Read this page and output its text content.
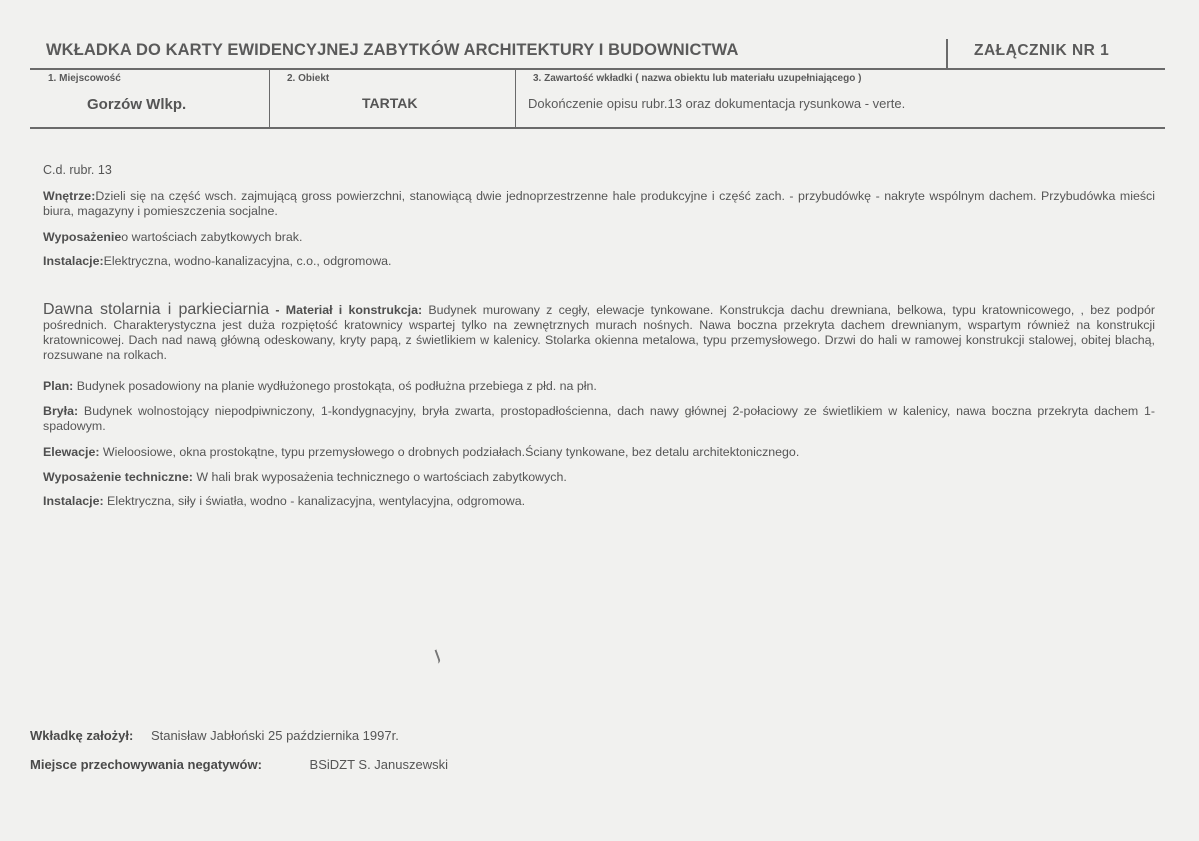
WKŁADKA DO KARTY EWIDENCYJNEJ ZABYTKÓW ARCHITEKTURY I BUDOWNICTWA	ZAŁĄCZNIK NR 1
1. Miejscowość
Gorzów Wlkp.
2. Obiekt
TARTAK
3. Zawartość wkładki ( nazwa obiektu lub materiału uzupełniającego )
Dokończenie opisu rubr.13 oraz dokumentacja rysunkowa - verte.
C.d. rubr. 13
Wnętrze:Dzieli się na część wsch. zajmującą gross powierzchni, stanowiącą dwie jednoprzestrzenne hale produkcyjne i część zach. - przybudówkę - nakryte wspólnym dachem. Przybudówka mieści biura, magazyny i pomieszczenia socjalne.
Wyposażenieo wartościach zabytkowych brak.
Instalacje:Elektryczna, wodno-kanalizacyjna, c.o., odgromowa.
Dawna stolarnia i parkieciarnia - Materiał i konstrukcja: Budynek murowany z cegły, elewacje tynkowane. Konstrukcja dachu drewniana, belkowa, typu kratownicowego, , bez podpór pośrednich. Charakterystyczna jest duża rozpiętość kratownicy wspartej tylko na zewnętrznych murach nośnych. Nawa boczna przekryta dachem drewnianym, wspartym również na konstrukcji kratownicowej. Dach nad nawą główną odeskowany, kryty papą, z świetlikiem w kalenicy. Stolarka okienna metalowa, typu przemysłowego. Drzwi do hali w ramowej konstrukcji stalowej, obitej blachą, rozsuwane na rolkach.
Plan: Budynek posadowiony na planie wydłużonego prostokąta, oś podłużna przebiega z płd. na płn.
Bryła: Budynek wolnostojący niepodpiwniczony, 1-kondygnacyjny, bryła zwarta, prostopadłościenna, dach nawy głównej 2-połaciowy ze świetlikiem w kalenicy, nawa boczna przekryta dachem 1- spadowym.
Elewacje: Wieloosiowe, okna prostokątne, typu przemysłowego o drobnych podziałach.Ściany tynkowane, bez detalu architektonicznego.
Wyposażenie techniczne: W hali brak wyposażenia technicznego o wartościach zabytkowych.
Instalacje: Elektryczna, siły i światła, wodno - kanalizacyjna, wentylacyjna, odgromowa.
Wkładkę założył: Stanisław Jabłoński 25 października 1997r.
Miejsce przechowywania negatywów:	BSiDZT S. Januszewski
